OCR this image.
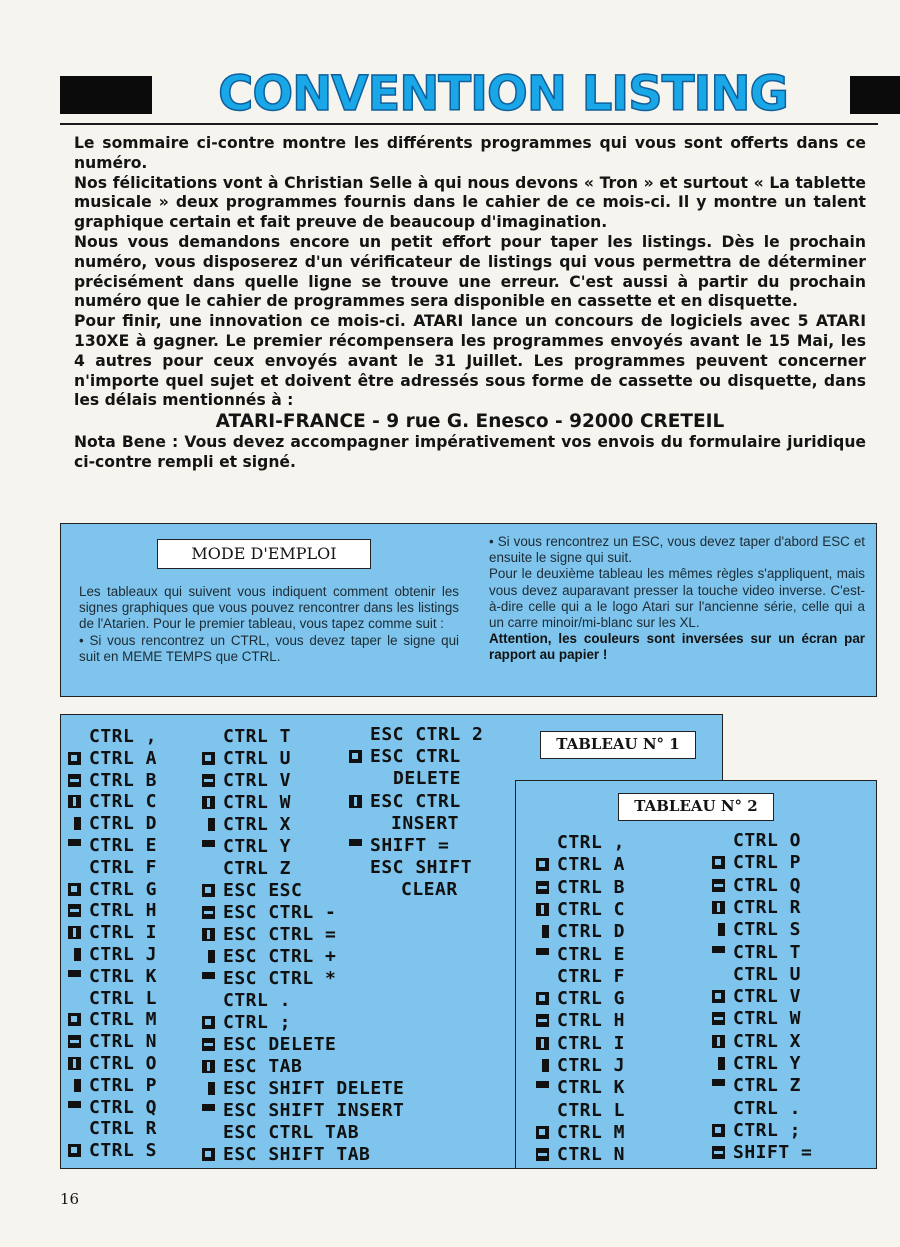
CONVENTION LISTING

Le sommaire ci-contre montre les différents programmes qui vous sont offerts dans ce numéro.

Nos félicitations vont à Christian Selle à qui nous devons « Tron » et surtout « La tablette musicale » deux programmes fournis dans le cahier de ce mois-ci. Il y montre un talent graphique certain et fait preuve de beaucoup d'imagination.

Nous vous demandons encore un petit effort pour taper les listings. Dès le prochain numéro, vous disposerez d'un vérificateur de listings qui vous permettra de déterminer précisément dans quelle ligne se trouve une erreur. C'est aussi à partir du prochain numéro que le cahier de programmes sera disponible en cassette et en disquette.

Pour finir, une innovation ce mois-ci. ATARI lance un concours de logiciels avec 5 ATARI 130XE à gagner. Le premier récompensera les programmes envoyés avant le 15 Mai, les 4 autres pour ceux envoyés avant le 31 Juillet. Les programmes peuvent concerner n'importe quel sujet et doivent être adressés sous forme de cassette ou disquette, dans les délais mentionnés à :

ATARI-FRANCE - 9 rue G. Enesco - 92000 CRETEIL

Nota Bene : Vous devez accompagner impérativement vos envois du formulaire juridique ci-contre rempli et signé.

MODE D'EMPLOI

Les tableaux qui suivent vous indiquent comment obtenir les signes graphiques que vous pouvez rencontrer dans les listings de l'Atarien. Pour le premier tableau, vous tapez comme suit :

• Si vous rencontrez un CTRL, vous devez taper le signe qui suit en MEME TEMPS que CTRL.

• Si vous rencontrez un ESC, vous devez taper d'abord ESC et ensuite le signe qui suit.

Pour le deuxième tableau les mêmes règles s'appliquent, mais vous devez auparavant presser la touche video inverse. C'est-à-dire celle qui a le logo Atari sur l'ancienne série, celle qui a un carre minoir/mi-blanc sur les XL.

Attention, les couleurs sont inversées sur un écran par rapport au papier !

TABLEAU N° 1
TABLEAU N° 2
CTRL ,
CTRL A
CTRL B
CTRL C
CTRL D
CTRL E
CTRL F
CTRL G
CTRL H
CTRL I
CTRL J
CTRL K
CTRL L
CTRL M
CTRL N
CTRL O
CTRL P
CTRL Q
CTRL R
CTRL S
CTRL T
CTRL U
CTRL V
CTRL W
CTRL X
CTRL Y
CTRL Z
ESC ESC
ESC CTRL -
ESC CTRL =
ESC CTRL +
ESC CTRL *
CTRL .
CTRL ;
ESC DELETE
ESC TAB
ESC SHIFT DELETE
ESC SHIFT INSERT
ESC CTRL TAB
ESC SHIFT TAB
ESC CTRL 2
ESC CTRL
DELETE
ESC CTRL
INSERT
SHIFT =
ESC SHIFT
CLEAR
CTRL ,
CTRL A
CTRL B
CTRL C
CTRL D
CTRL E
CTRL F
CTRL G
CTRL H
CTRL I
CTRL J
CTRL K
CTRL L
CTRL M
CTRL N
CTRL O
CTRL P
CTRL Q
CTRL R
CTRL S
CTRL T
CTRL U
CTRL V
CTRL W
CTRL X
CTRL Y
CTRL Z
CTRL .
CTRL ;
SHIFT =
16
